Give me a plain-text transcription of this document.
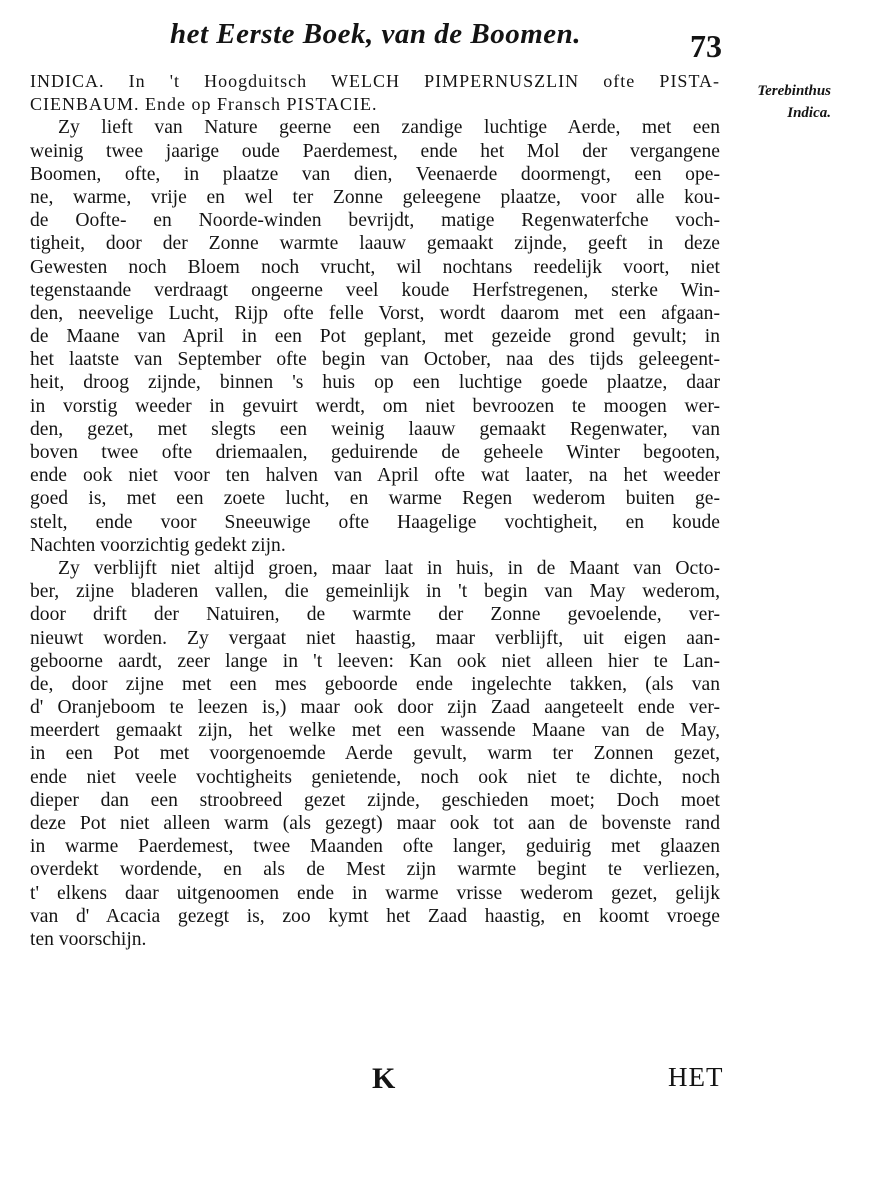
het Eerste Boek, van de Boomen.	73
Terebinthus
Indica.
INDICA. In 't Hoogduitsch WELCH PIMPERNUSZLIN ofte PISTA-
CIENBAUM. Ende op Fransch PISTACIE.
Zy lieft van Nature geerne een zandige luchtige Aerde, met een
weinig twee jaarige oude Paerdemest, ende het Mol der vergangene
Boomen, ofte, in plaatze van dien, Veenaerde doormengt, een ope-
ne, warme, vrije en wel ter Zonne geleegene plaatze, voor alle kou-
de Oofte- en Noorde-winden bevrijdt, matige Regenwaterfche voch-
tigheit, door der Zonne warmte laauw gemaakt zijnde, geeft in deze
Gewesten noch Bloem noch vrucht, wil nochtans reedelijk voort, niet
tegenstaande verdraagt ongeerne veel koude Herfstregenen, sterke Win-
den, neevelige Lucht, Rijp ofte felle Vorst, wordt daarom met een afgaan-
de Maane van April in een Pot geplant, met gezeide grond gevult; in
het laatste van September ofte begin van October, naa des tijds geleegent-
heit, droog zijnde, binnen 's huis op een luchtige goede plaatze, daar
in vorstig weeder in gevuirt werdt, om niet bevroozen te moogen wer-
den, gezet, met slegts een weinig laauw gemaakt Regenwater, van
boven twee ofte driemaalen, geduirende de geheele Winter begooten,
ende ook niet voor ten halven van April ofte wat laater, na het weeder
goed is, met een zoete lucht, en warme Regen wederom buiten ge-
stelt, ende voor Sneeuwige ofte Haagelige vochtigheit, en koude
Nachten voorzichtig gedekt zijn.
Zy verblijft niet altijd groen, maar laat in huis, in de Maant van Octo-
ber, zijne bladeren vallen, die gemeinlijk in 't begin van May wederom,
door drift der Natuiren, de warmte der Zonne gevoelende, ver-
nieuwt worden. Zy vergaat niet haastig, maar verblijft, uit eigen aan-
geboorne aardt, zeer lange in 't leeven: Kan ook niet alleen hier te Lan-
de, door zijne met een mes geboorde ende ingelechte takken, (als van
d' Oranjeboom te leezen is,) maar ook door zijn Zaad aangeteelt ende ver-
meerdert gemaakt zijn, het welke met een wassende Maane van de May,
in een Pot met voorgenoemde Aerde gevult, warm ter Zonnen gezet,
ende niet veele vochtigheits genietende, noch ook niet te dichte, noch
dieper dan een stroobreed gezet zijnde, geschieden moet; Doch moet
deze Pot niet alleen warm (als gezegt) maar ook tot aan de bovenste rand
in warme Paerdemest, twee Maanden ofte langer, geduirig met glaazen
overdekt wordende, en als de Mest zijn warmte begint te verliezen,
t' elkens daar uitgenoomen ende in warme vrisse wederom gezet, gelijk
van d' Acacia gezegt is, zoo kymt het Zaad haastig, en koomt vroege
ten voorschijn.
K	HET
